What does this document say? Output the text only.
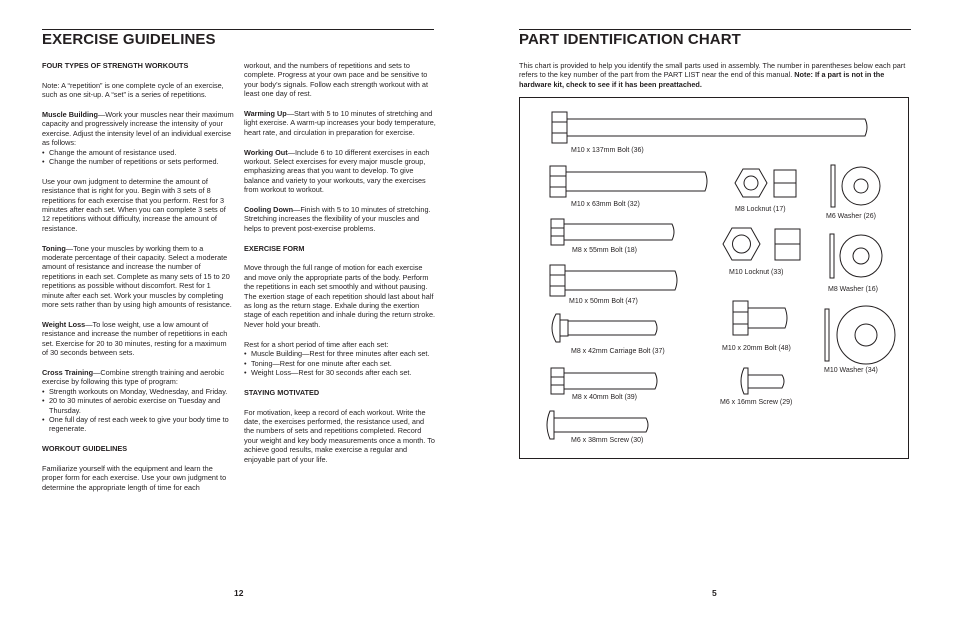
EXERCISE GUIDELINES
FOUR TYPES OF STRENGTH WORKOUTS

Note: A “repetition” is one complete cycle of an exercise, such as one sit-up. A “set” is a series of repetitions.

Muscle Building—Work your muscles near their maximum capacity and progressively increase the intensity of your exercise. Adjust the intensity level of an individual exercise as follows:
• Change the amount of resistance used.
• Change the number of repetitions or sets performed.

Use your own judgment to determine the amount of resistance that is right for you. Begin with 3 sets of 8 repetitions for each exercise that you perform. Rest for 3 minutes after each set. When you can complete 3 sets of 12 repetitions without difficulty, increase the amount of resistance.

Toning—Tone your muscles by working them to a moderate percentage of their capacity. Select a moderate amount of resistance and increase the number of repetitions in each set. Complete as many sets of 15 to 20 repetitions as possible without discomfort. Rest for 1 minute after each set. Work your muscles by completing more sets rather than by using high amounts of resistance.

Weight Loss—To lose weight, use a low amount of resistance and increase the number of repetitions in each set. Exercise for 20 to 30 minutes, resting for a maximum of 30 seconds between sets.

Cross Training—Combine strength training and aerobic exercise by following this type of program:
• Strength workouts on Monday, Wednesday, and Friday.
• 20 to 30 minutes of aerobic exercise on Tuesday and Thursday.
• One full day of rest each week to give your body time to regenerate.
WORKOUT GUIDELINES

Familiarize yourself with the equipment and learn the proper form for each exercise. Use your own judgment to determine the appropriate length of time for each

workout, and the numbers of repetitions and sets to complete. Progress at your own pace and be sensitive to your body’s signals. Follow each strength workout with at least one day of rest.

Warming Up—Start with 5 to 10 minutes of stretching and light exercise. A warm-up increases your body temperature, heart rate, and circulation in preparation for exercise.

Working Out—Include 6 to 10 different exercises in each workout. Select exercises for every major muscle group, emphasizing areas that you want to develop. To give balance and variety to your workouts, vary the exercises from workout to workout.

Cooling Down—Finish with 5 to 10 minutes of stretching. Stretching increases the flexibility of your muscles and helps to prevent post-exercise problems.

EXERCISE FORM

Move through the full range of motion for each exercise and move only the appropriate parts of the body. Perform the repetitions in each set smoothly and without pausing. The exertion stage of each repetition should last about half as long as the return stage. Exhale during the exertion stage of each repetition and inhale during the return stroke. Never hold your breath.

Rest for a short period of time after each set:
• Muscle Building—Rest for three minutes after each set.
• Toning—Rest for one minute after each set.
• Weight Loss—Rest for 30 seconds after each set.
STAYING MOTIVATED

For motivation, keep a record of each workout. Write the date, the exercises performed, the resistance used, and the numbers of sets and repetitions completed. Record your weight and key body measurements once a month. To achieve good results, make exercise a regular and enjoyable part of your life.

12
PART IDENTIFICATION CHART

This chart is provided to help you identify the small parts used in assembly. The number in parentheses below each part refers to the key number of the part from the PART LIST near the end of this manual. Note: If a part is not in the hardware kit, check to see if it has been preattached.

M10 x 137mm Bolt (36)
M10 x 63mm Bolt (32)
M8 Locknut (17)
M6 Washer (26)
M8 x 55mm Bolt (18)
M10 Locknut (33)
M8 Washer (16)
M10 x 50mm Bolt (47)
M8 x 42mm Carriage Bolt (37)	M10 x 20mm Bolt (48)
M10 Washer (34)
M8 x 40mm Bolt (39)
M6 x 16mm Screw (29)
M6 x 38mm Screw (30)
5
